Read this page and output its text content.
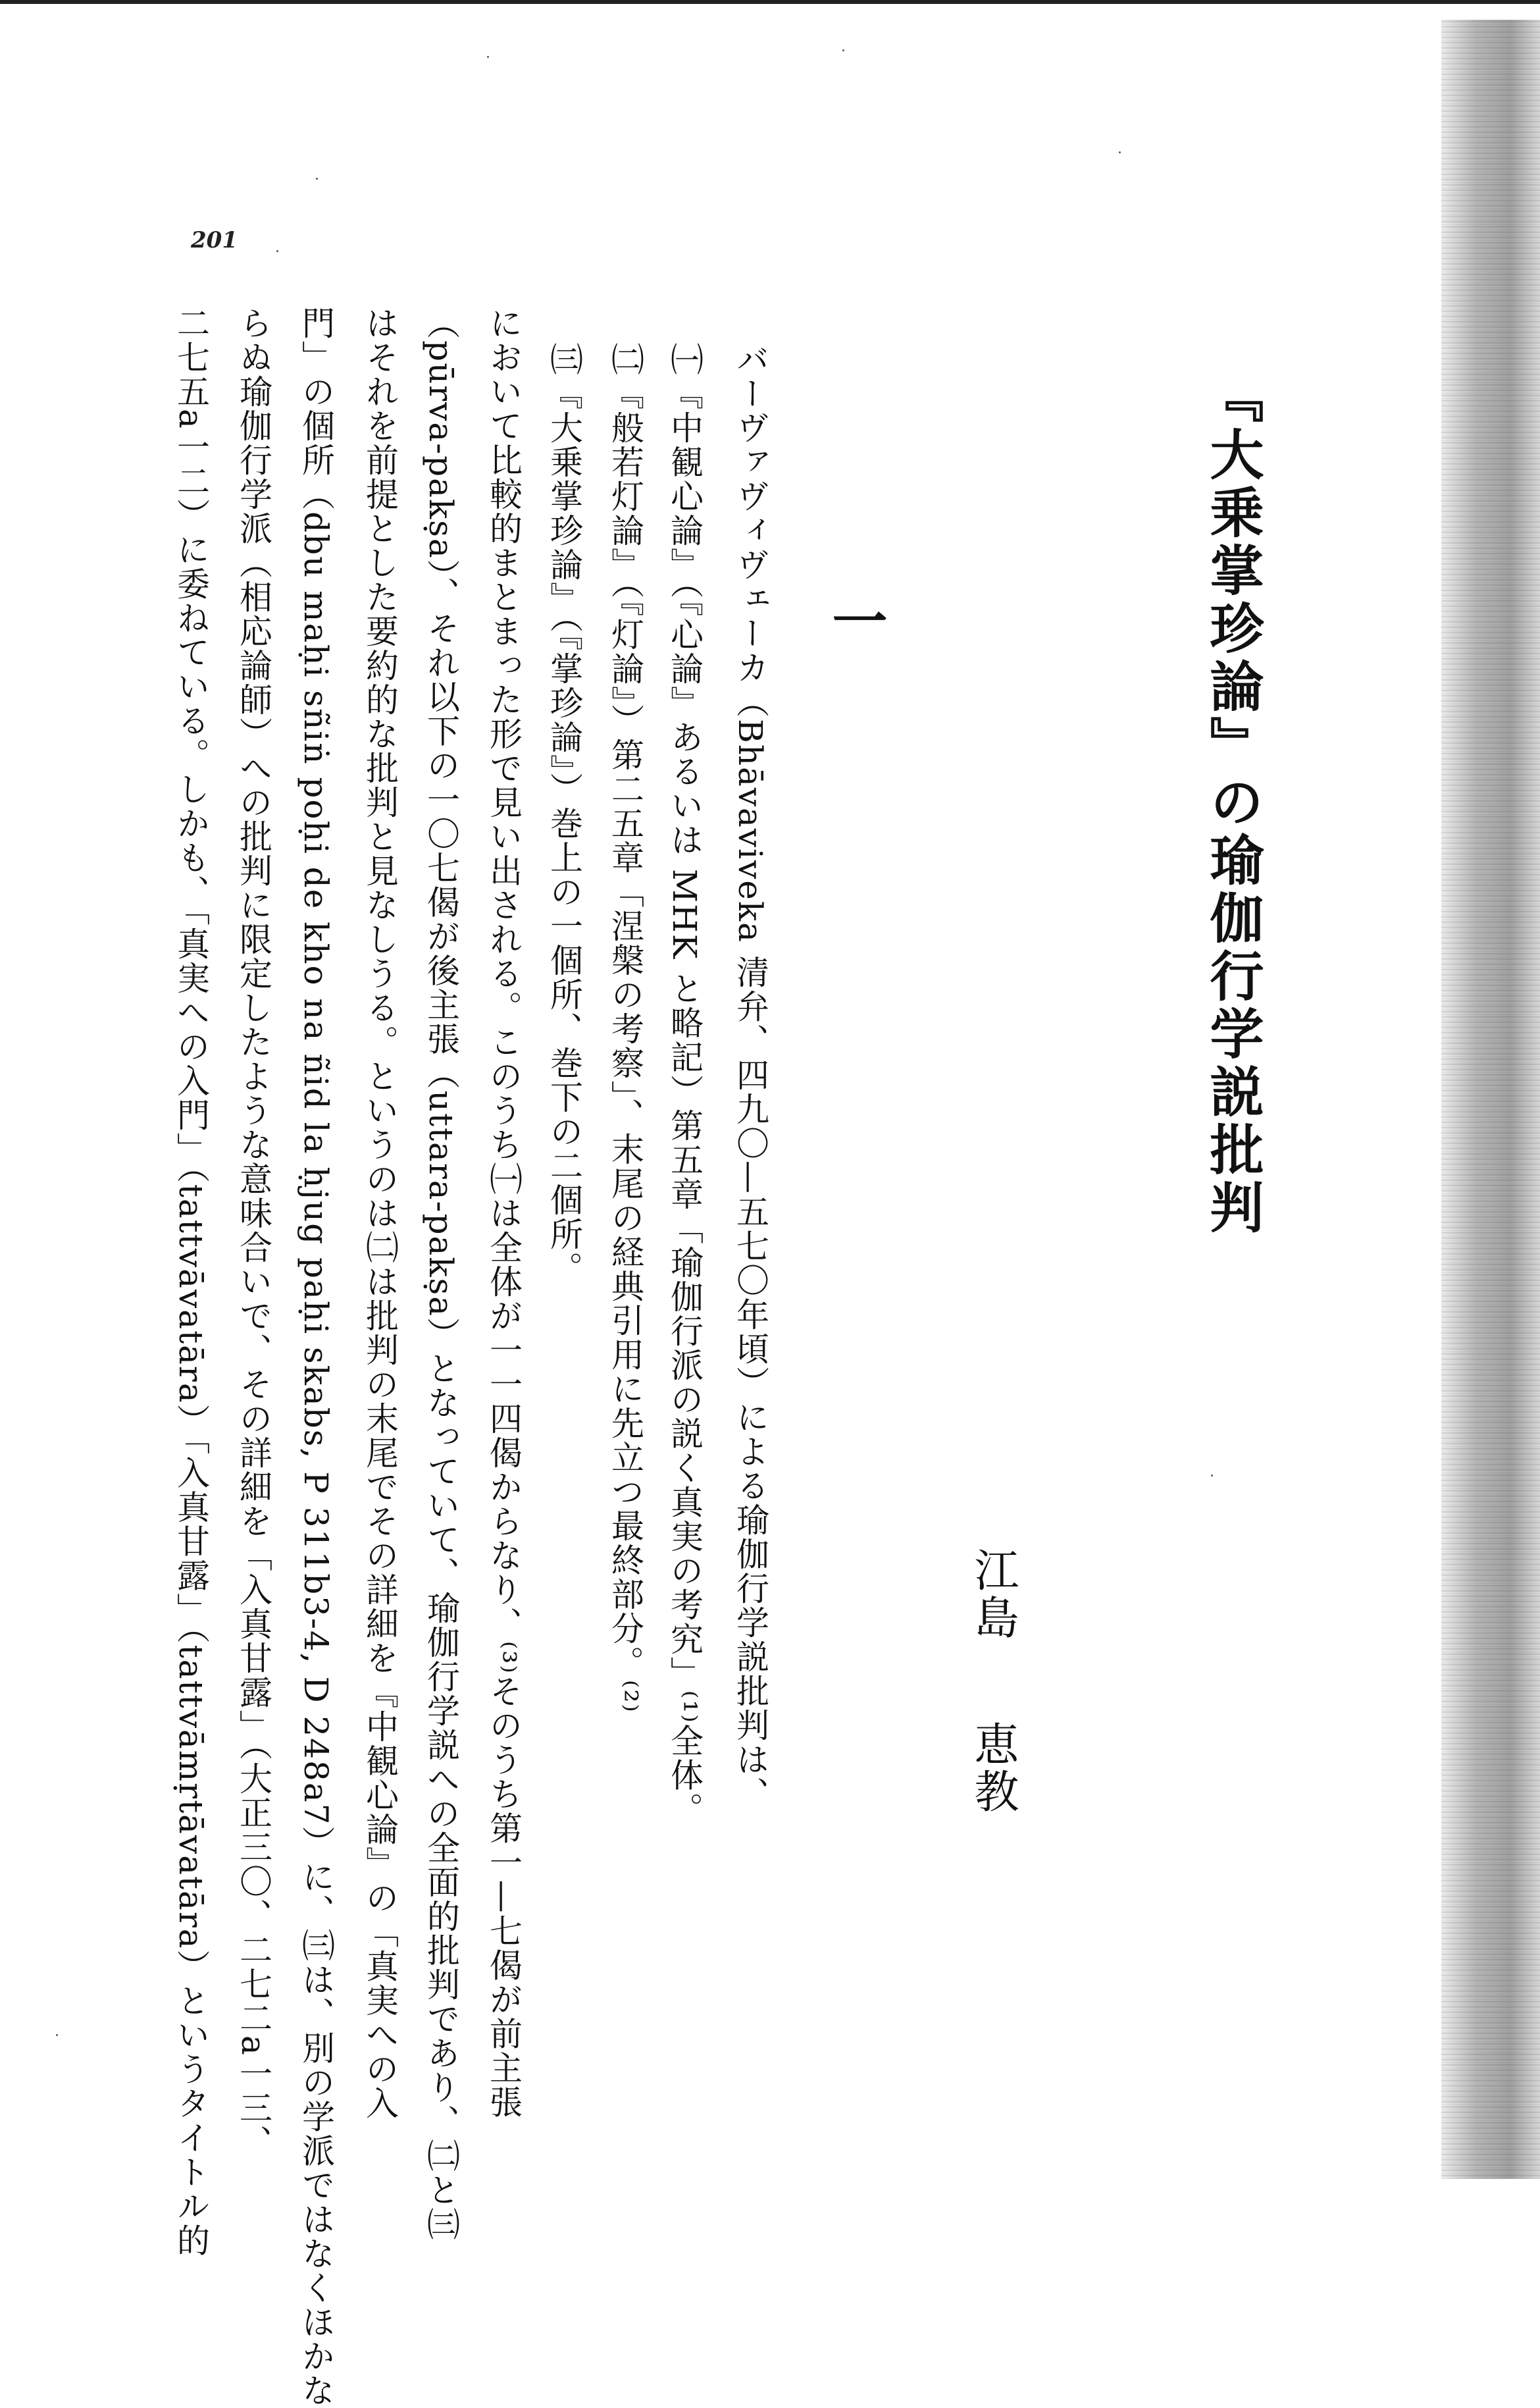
201
『大乗掌珍論』の瑜伽行学説批判
江島恵教
一
バーヴァヴィヴェーカ（Bhāvaviveka 清弁、四九〇—五七〇年頃）による瑜伽行学説批判は、
㈠『中観心論』（『心論』あるいは MHK と略記）第五章「瑜伽行派の説く真実の考究」⁽¹⁾全体。
㈡『般若灯論』（『灯論』）第二五章「涅槃の考察」、末尾の経典引用に先立つ最終部分。⁽²⁾
㈢『大乗掌珍論』（『掌珍論』）巻上の一個所、巻下の二個所。
において比較的まとまった形で見い出される。このうち㈠は全体が一一四偈からなり、⁽³⁾そのうち第一—七偈が前主張
（pūrva-pakṣa）、それ以下の一〇七偈が後主張（uttara-pakṣa）となっていて、瑜伽行学説への全面的批判であり、㈡と㈢
はそれを前提とした要約的な批判と見なしうる。というのは㈡は批判の末尾でその詳細を『中観心論』の「真実への入
門」の個所（dbu maḥi sñiṅ poḥi de kho na ñid la ḥjug paḥi skabs, P 311b3-4, D 248a7）に、㈢は、別の学派ではなくほかな
らぬ瑜伽行学派（相応論師）への批判に限定したような意味合いで、その詳細を「入真甘露」（大正三〇、二七二a一三、
二七五a一二）に委ねている。しかも、「真実への入門」（tattvāvatāra）「入真甘露」（tattvāmṛtāvatāra）というタイトル的
